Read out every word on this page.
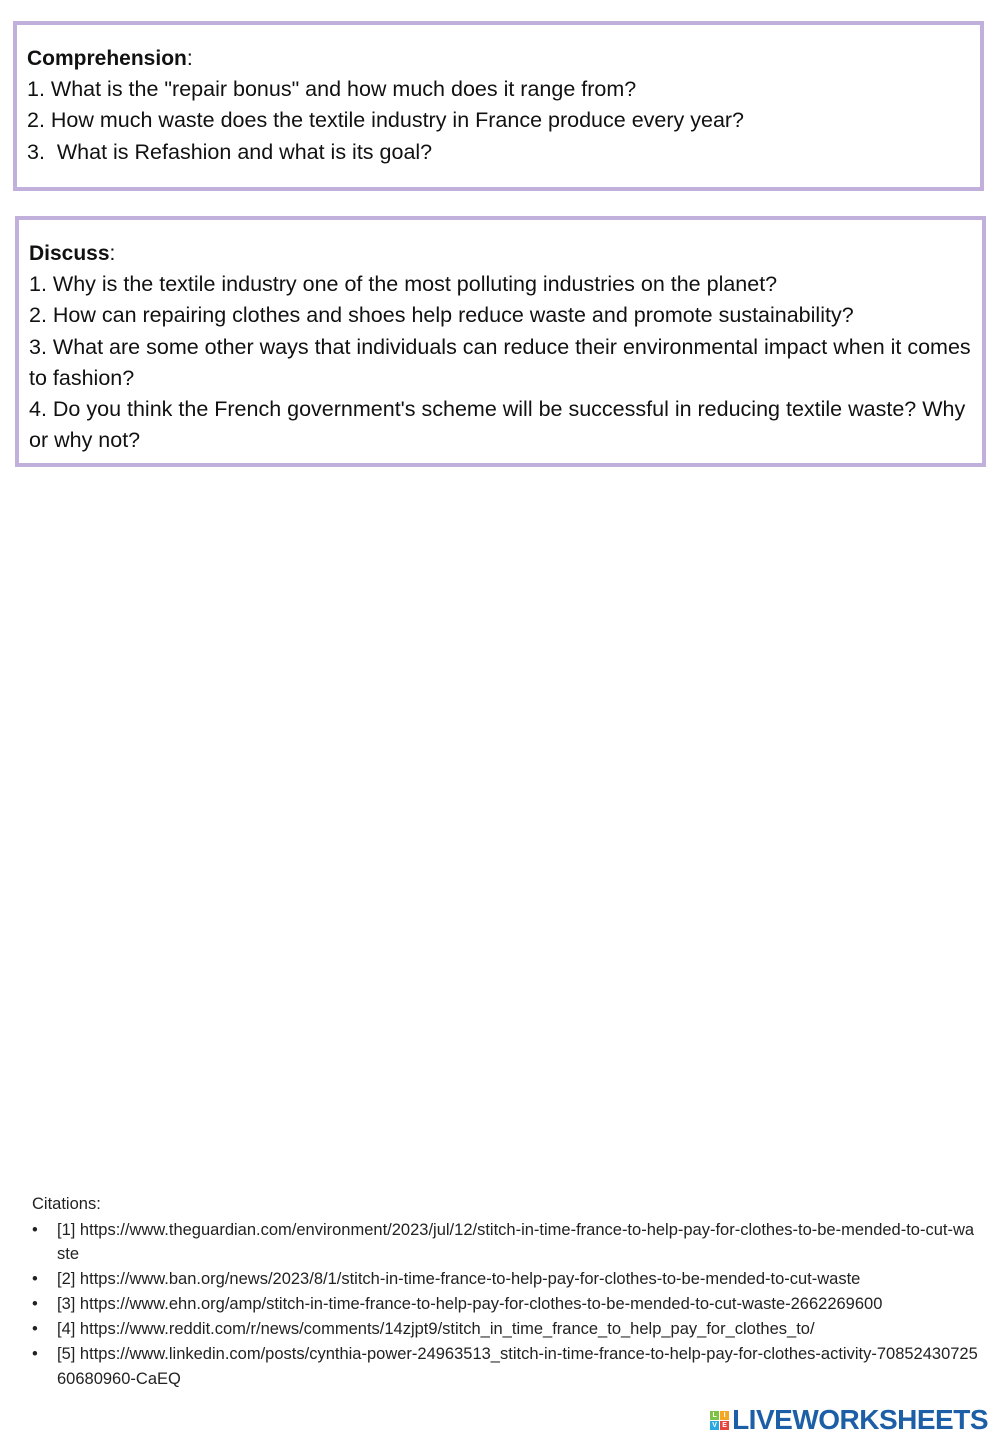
Comprehension:

1. What is the "repair bonus" and how much does it range from?

2. How much waste does the textile industry in France produce every year?

3.  What is Refashion and what is its goal?

Discuss:

1. Why is the textile industry one of the most polluting industries on the planet?

2. How can repairing clothes and shoes help reduce waste and promote sustainability?

3. What are some other ways that individuals can reduce their environmental impact when it comes to fashion?

4. Do you think the French government's scheme will be successful in reducing textile waste? Why or why not?

Citations:

• [1] https://www.theguardian.com/environment/2023/jul/12/stitch-in-time-france-to-help-pay-for-clothes-to-be-mended-to-cut-waste
• [2] https://www.ban.org/news/2023/8/1/stitch-in-time-france-to-help-pay-for-clothes-to-be-mended-to-cut-waste
• [3] https://www.ehn.org/amp/stitch-in-time-france-to-help-pay-for-clothes-to-be-mended-to-cut-waste-2662269600
• [4] https://www.reddit.com/r/news/comments/14zjpt9/stitch_in_time_france_to_help_pay_for_clothes_to/
• [5] https://www.linkedin.com/posts/cynthia-power-24963513_stitch-in-time-france-to-help-pay-for-clothes-activity-7085243072560680960-CaEQ
L I
V E LIVEWORKSHEETS
